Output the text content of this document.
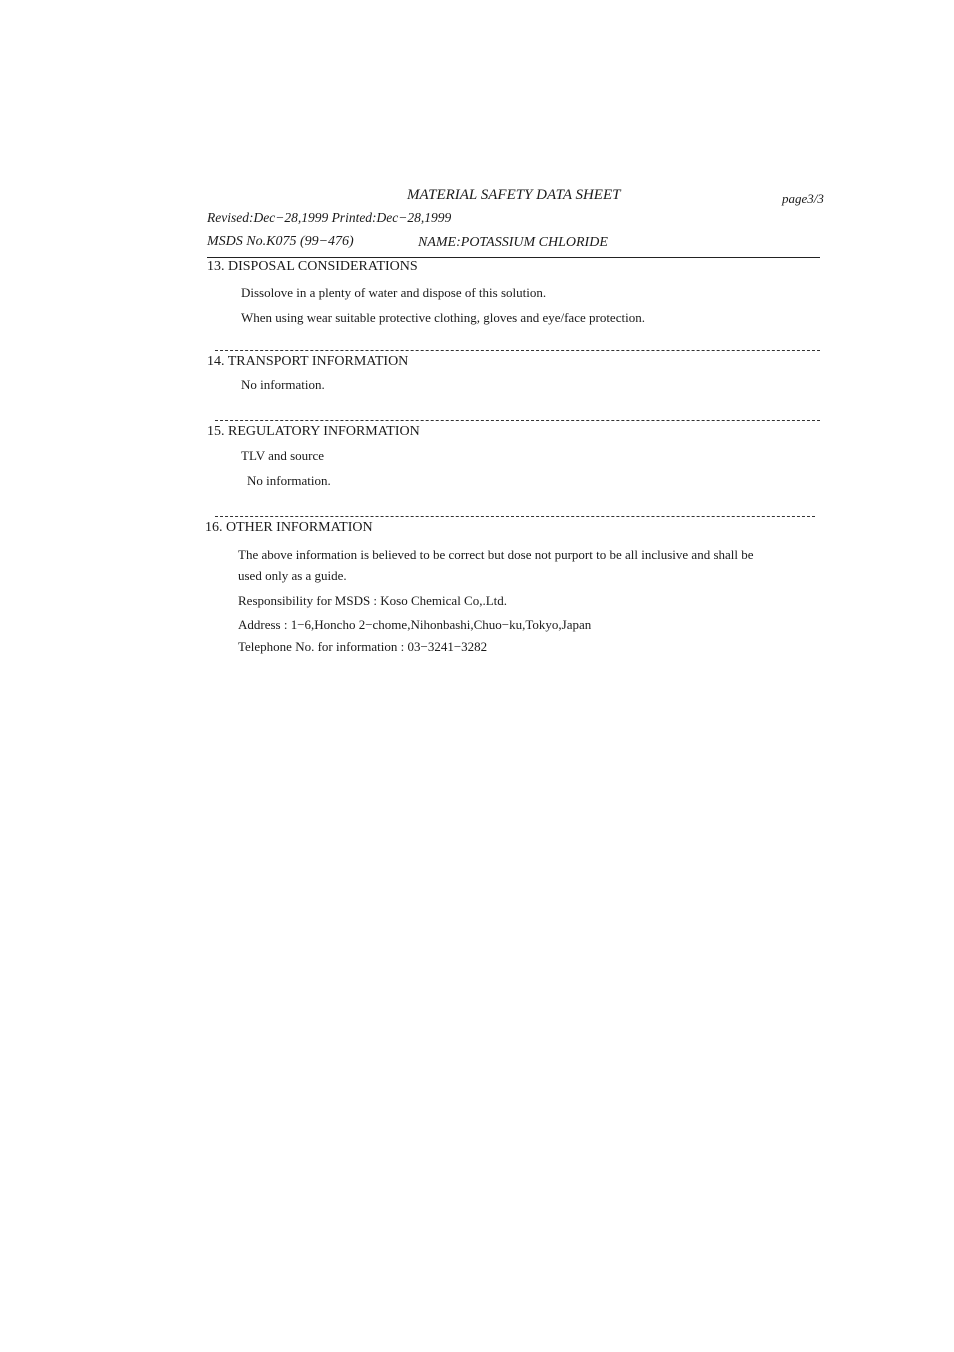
MATERIAL SAFETY DATA SHEET	page3/3
Revised:Dec−28,1999 Printed:Dec−28,1999
MSDS No.K075 (99−476)	NAME:POTASSIUM CHLORIDE
13. DISPOSAL CONSIDERATIONS
Dissolove in a plenty of water and dispose of this solution.
When using wear suitable protective clothing, gloves and eye/face protection.
14. TRANSPORT INFORMATION
No information.
15. REGULATORY INFORMATION
TLV and source
No information.
16. OTHER INFORMATION
The above information is believed to be correct but dose not purport to be all inclusive and shall be
used only as a guide.
Responsibility for MSDS : Koso Chemical Co,.Ltd.
Address : 1−6,Honcho 2−chome,Nihonbashi,Chuo−ku,Tokyo,Japan
Telephone No. for information : 03−3241−3282
